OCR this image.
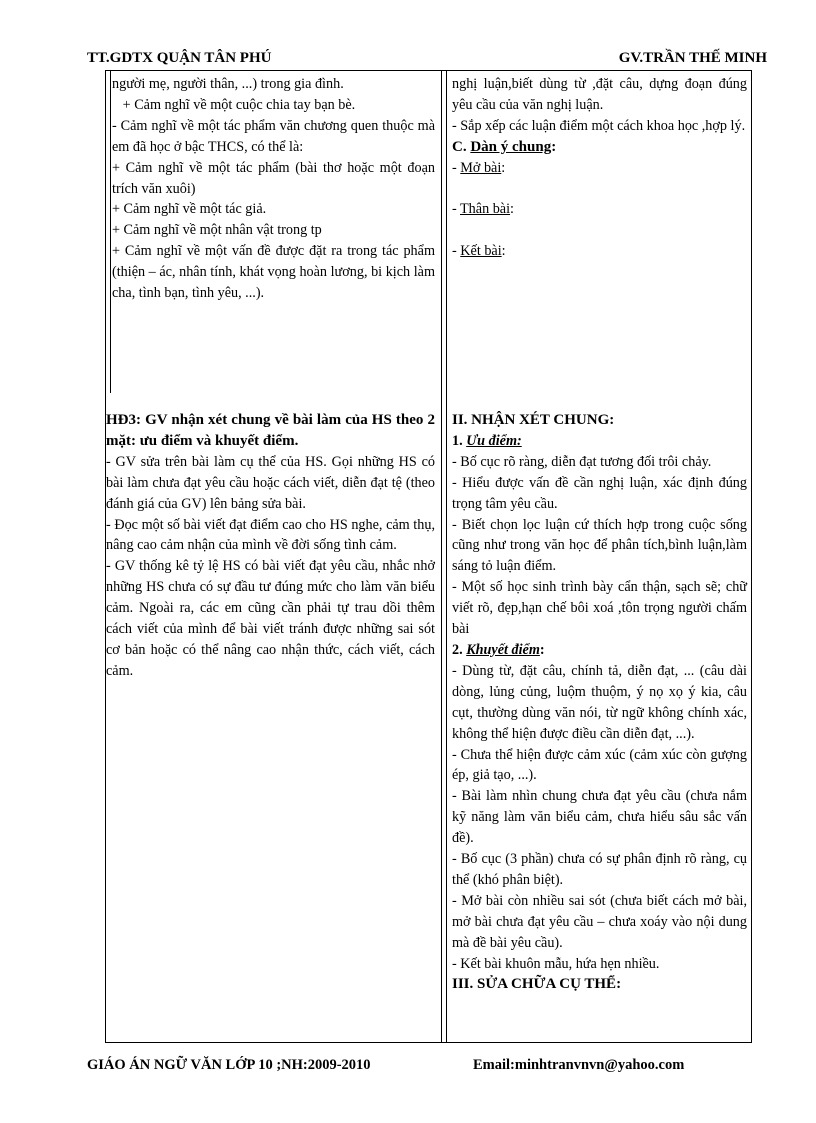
TT.GDTX QUẬN TÂN PHÚ	GV.TRẦN THẾ MINH

người mẹ, người thân, ...) trong gia đình.

+ Cảm nghĩ về một cuộc chia tay bạn bè.

- Cảm nghĩ về một tác phẩm văn chương quen thuộc mà em đã học ở bậc THCS, có thể là:

+ Cảm nghĩ về một tác phẩm (bài thơ hoặc một đoạn trích văn xuôi)

+ Cảm nghĩ về một tác giả.

+ Cảm nghĩ về một nhân vật trong tp

+ Cảm nghĩ về một vấn đề được đặt ra trong tác phẩm (thiện – ác, nhân tính, khát vọng hoàn lương, bi kịch làm cha, tình bạn, tình yêu, ...).

HĐ3: GV nhận xét chung về bài làm của HS theo 2 mặt: ưu điểm và khuyết điểm.

- GV sửa trên bài làm cụ thể của HS. Gọi những HS có bài làm chưa đạt yêu cầu hoặc cách viết, diễn đạt tệ (theo đánh giá của GV) lên bảng sửa bài.

- Đọc một số bài viết đạt điểm cao cho HS nghe, cảm thụ, nâng cao cảm nhận của mình về đời sống tình cảm.

- GV thống kê tỷ lệ HS có bài viết đạt yêu cầu, nhắc nhở những HS chưa có sự đầu tư đúng mức cho làm văn biểu cảm. Ngoài ra, các em cũng cần phải tự trau dồi thêm cách viết của mình để bài viết tránh được những sai sót cơ bản hoặc có thể nâng cao nhận thức, cách viết, cách cảm.

nghị luận,biết dùng từ ,đặt câu, dựng đoạn đúng yêu cầu của văn nghị luận.

- Sắp xếp các luận điểm một cách khoa học ,hợp lý.

C. Dàn ý chung:

- Mở bài:

- Thân bài:

- Kết bài:

II. NHẬN XÉT CHUNG:

1. Ưu điểm:

- Bố cục rõ ràng, diễn đạt tương đối trôi chảy.

- Hiểu được vấn đề cần nghị luận, xác định đúng trọng tâm yêu cầu.

- Biết chọn lọc luận cứ thích hợp trong cuộc sống cũng như trong văn học để phân tích,bình luận,làm sáng tỏ luận điểm.

- Một số học sinh trình bày cẩn thận, sạch sẽ; chữ viết rõ, đẹp,hạn chế bôi xoá ,tôn trọng người chấm bài

2. Khuyết điểm:

- Dùng từ, đặt câu, chính tả, diễn đạt, ... (câu dài dòng, lủng củng, luộm thuộm, ý nọ xọ ý kia, câu cụt, thường dùng văn nói, từ ngữ không chính xác, không thể hiện được điều cần diễn đạt, ...).

- Chưa thể hiện được cảm xúc (cảm xúc còn gượng ép, giả tạo, ...).

- Bài làm nhìn chung chưa đạt yêu cầu (chưa nắm kỹ năng làm văn biểu cảm, chưa hiểu sâu sắc vấn đề).

- Bố cục (3 phần) chưa có sự phân định rõ ràng, cụ thể (khó phân biệt).

- Mở bài còn nhiều sai sót (chưa biết cách mở bài, mở bài chưa đạt yêu cầu – chưa xoáy vào nội dung mà đề bài yêu cầu).

- Kết bài khuôn mẫu, hứa hẹn nhiều.

III. SỬA CHỮA CỤ THỂ:

GIÁO ÁN NGỮ VĂN LỚP 10 ;NH:2009-2010	Email:minhtranvnvn@yahoo.com
